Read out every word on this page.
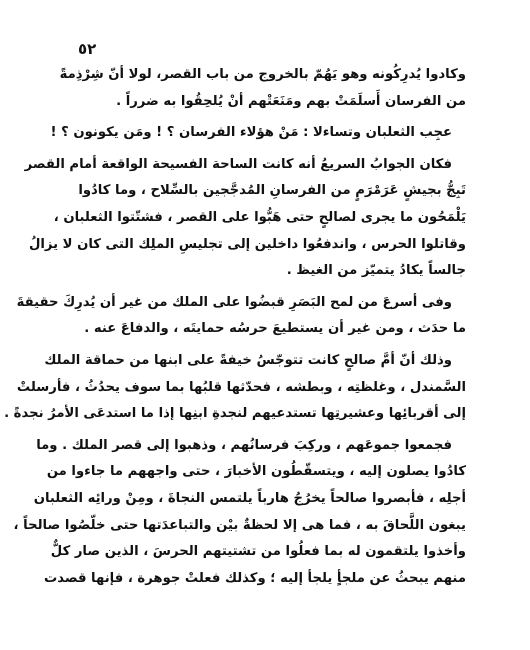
٥٢
وكادوا يُدرِكُونه وهو يَهُمّ بالخروج من باب القصر، لولا أنّ شِرْذِمةً
من الفرسان أَسلَمَتْ بهم ومَنَعَتْهم أنْ يُلحِقُوا به ضرراً .
عجِب الثعلبان وتساءلا : مَنْ هؤلاء الفرسان ؟ ! ومَن يكونون ؟ !
فكان الجوابُ السريعُ أنه كانت الساحة الفسيحة الواقعة أمام القصر
تَبِجُّ بجيشٍ عَرَمْرَمٍ من الفرسانِ المُدجَّجين بالسِّلاح ، وما كادُوا
يَلْمَحُون ما يجرى لصالحٍ حتى هَبُّوا على القصر ، فشتّتوا الثعلبان ،
وقاتلوا الحرس ، واندفعُوا داخلين إلى تجليسِ الملِك التى كان لا يزالُ
جالساً يكادُ يتميّز من الغيظ .
وفى أسرعَ من لمح البَصَرِ قبضُوا على الملك من غير أن يُدرِكَ حقيقةَ
ما حدَث ، ومن غير أن يستطيعَ حرسُه حمايتَه ، والدفاعَ عنه .
وذلك أنّ أمَّ صالحٍ كانت تتوجّسُ خيفةً على ابنها من حماقة الملك
السَّمندل ، وغلظتِه ، وبطشه ، فحدّثها قلبُها بما سوف يحدُثُ ، فأرسلتْ
إلى أقربائِها وعشيرتِها تستدعيهم لنجدةِ ابنِها إذا ما استدعَى الأمرُ نجدةً .
فجمعوا جموعَهم ، وركِبَ فرسانُهم ، وذهبوا إلى قصر الملك . وما
كادُوا يصلون إليه ، ويتسقّطُون الأخبارَ ، حتى واجههم ما جاءوا من
أجلِه ، فأبصروا صالحاً يخرُجُ هارباً يلتمس النجاةَ ، ومِنْ ورائِه الثعلبان
يبغون اللَّحاقَ به ، فما هى إلا لحظةٌ بيْن والتباعدَتها حتى خلّصُوا صالحاً ،
وأخذوا يلتقمون له بما فعلُوا من تشتيتهم الحرسَ ، الذين صار كلٌّ
منهم يبحثُ عن ملجأٍ يلجأ إليه ؛ وكذلك فعلتْ جوهرة ، فإنها قصدت
